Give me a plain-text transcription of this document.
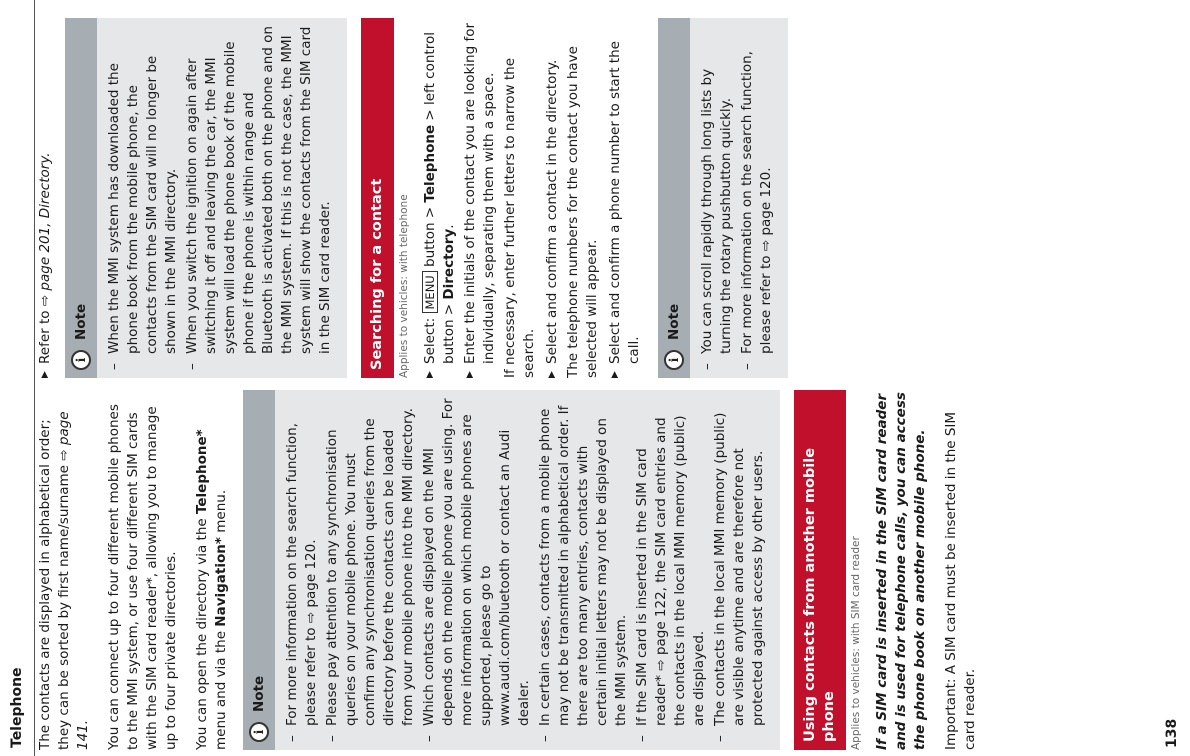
Telephone The contacts are displayed in alphabetical order; they can be sorted by first name/surname ⇨ page 141. You can connect up to four different mobile phones to the MMI system, or use four different SIM cards with the SIM card reader*, allowing you to manage up to four private directories. You can open the directory via the Telephone* menu and via the Navigation* menu.

i
Note – For more information on the search function, please refer to ⇨ page 120. – Please pay attention to any synchronisation queries on your mobile phone. You must confirm any synchronisation queries from the directory before the contacts can be loaded from your mobile phone into the MMI directory. – Which contacts are displayed on the MMI depends on the mobile phone you are using. For more information on which mobile phones are supported, please go to www.audi.com/bluetooth or contact an Audi dealer. – In certain cases, contacts from a mobile phone may not be transmitted in alphabetical order. If there are too many entries, contacts with certain initial letters may not be displayed on the MMI system. – If the SIM card is inserted in the SIM card reader* ⇨ page 122, the SIM card entries and the contacts in the local MMI memory (public) are displayed. – The contacts in the local MMI memory (public) are visible anytime and are therefore not protected against access by other users.	Using contacts from another mobile phone	Applies to vehicles: with SIM card reader If a SIM card is inserted in the SIM card reader and is used for telephone calls, you can access the phone book on another mobile phone. Important: A SIM card must be inserted in the SIM card reader.

▶ Refer to ⇨ page 201, Directory.
i
Note – When the MMI system has downloaded the phone book from the mobile phone, the contacts from the SIM card will no longer be shown in the MMI directory. – When you switch the ignition on again after switching it off and leaving the car, the MMI system will load the phone book of the mobile phone if the phone is within range and Bluetooth is activated both on the phone and on the MMI system. If this is not the case, the MMI system will show the contacts from the SIM card in the SIM card reader.	Searching for a contact	Applies to vehicles: with telephone ▶ Select: MENU button > Telephone > left control button > Directory. ▶ Enter the initials of the contact you are looking for individually, separating them with a space. If necessary, enter further letters to narrow the search. ▶ Select and confirm a contact in the directory. The telephone numbers for the contact you have selected will appear. ▶ Select and confirm a phone number to start the call. i
Note – You can scroll rapidly through long lists by turning the rotary pushbutton quickly. – For more information on the search function, please refer to ⇨ page 120.
138
